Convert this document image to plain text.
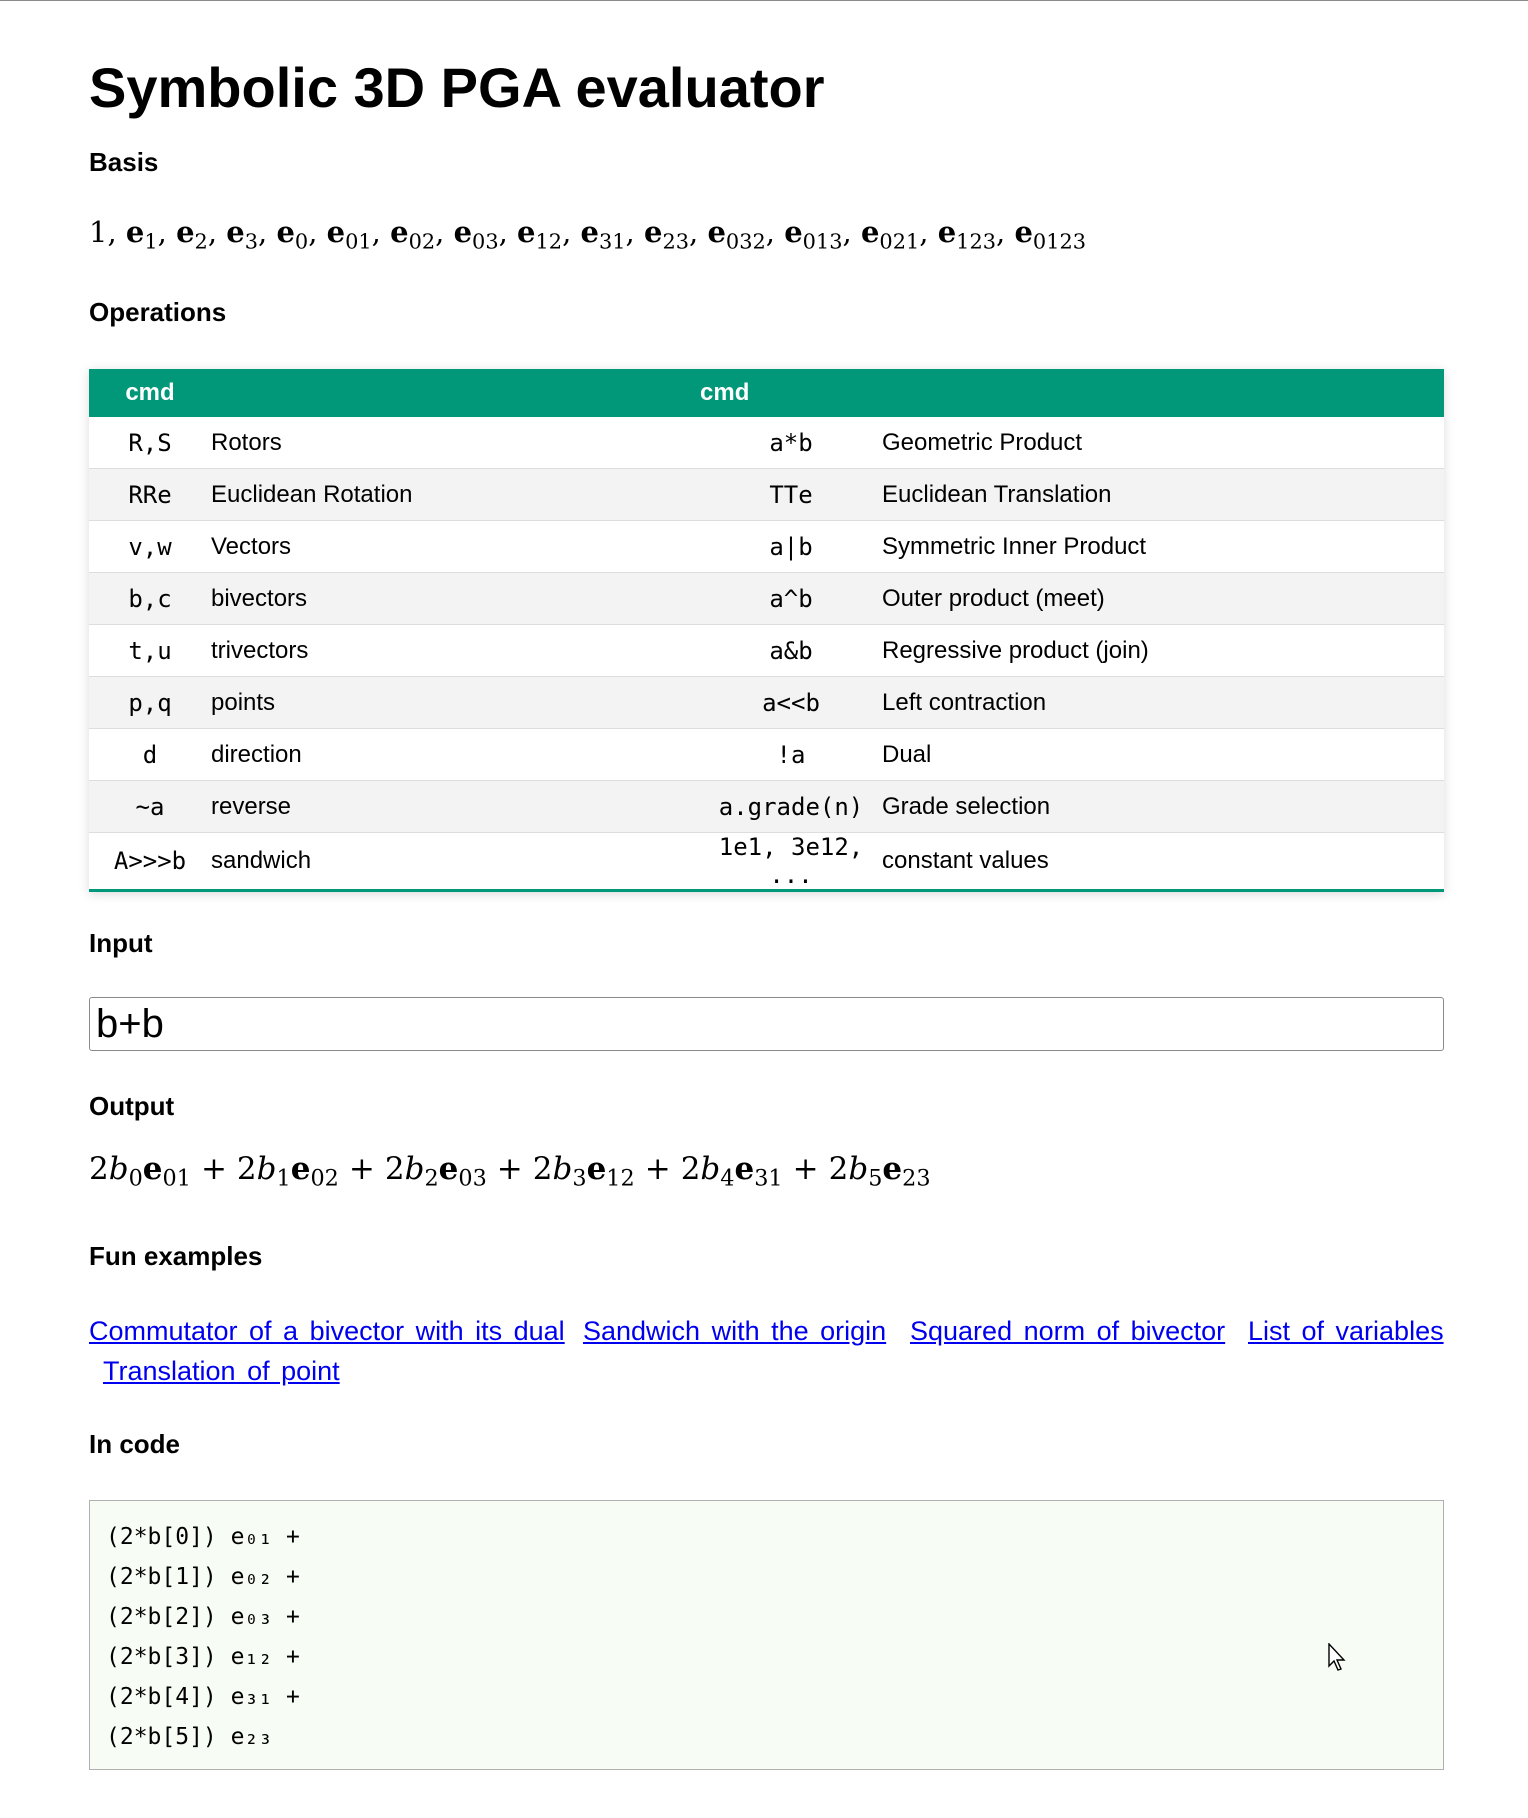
Symbolic 3D PGA evaluator
Basis
1, $e_1$, $e_2$, $e_3$, $e_0$, $e_{01}$, $e_{02}$, $e_{03}$, $e_{12}$, $e_{31}$, $e_{23}$, $e_{032}$, $e_{013}$, $e_{021}$, $e_{123}$, $e_{0123}$
Operations
cmd		cmd	
R,S	Rotors	a*b	Geometric Product
RRe	Euclidean Rotation	TTe	Euclidean Translation
v,w	Vectors	a|b	Symmetric Inner Product
b,c	bivectors	a^b	Outer product (meet)
t,u	trivectors	a&b	Regressive product (join)
p,q	points	a<<b	Left contraction
d	direction	!a	Dual
~a	reverse	a.grade(n)	Grade selection
A>>>b	sandwich	1e1, 3e12, ...	constant values
Input
b+b
Output
$2b_0e_{01} + 2b_1e_{02} + 2b_2e_{03} + 2b_3e_{12} + 2b_4e_{31} + 2b_5e_{23}$
Fun examples
Commutator of a bivector with its dual Sandwich with the origin Squared norm of bivector List of variables
Translation of point
In code
(2*b[0]) e₀₁ +
(2*b[1]) e₀₂ +
(2*b[2]) e₀₃ +
(2*b[3]) e₁₂ +
(2*b[4]) e₃₁ +
(2*b[5]) e₂₃
